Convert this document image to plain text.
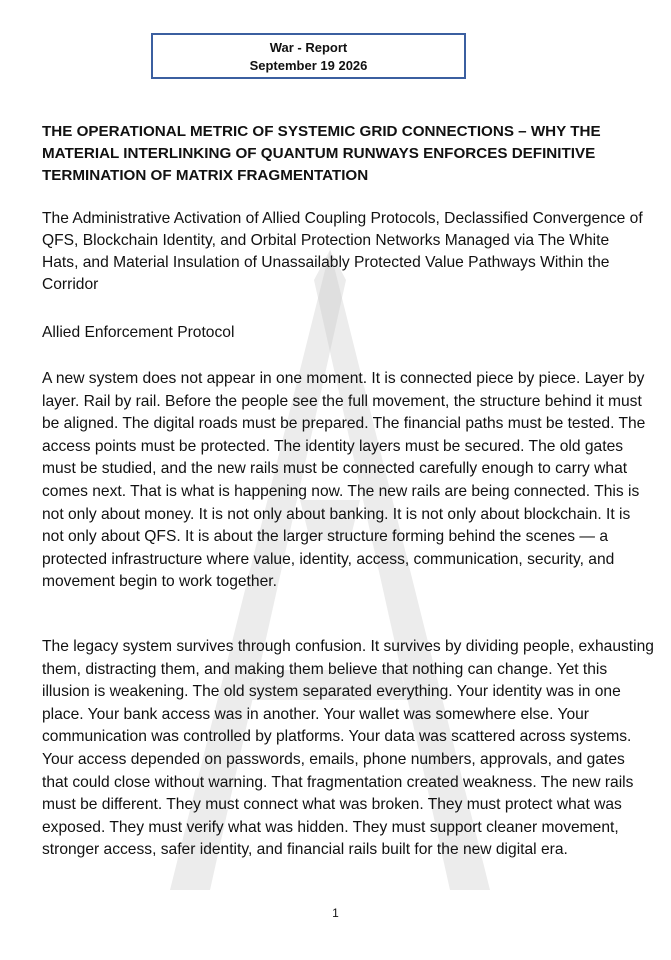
War - Report
September 19 2026

THE OPERATIONAL METRIC OF SYSTEMIC GRID CONNECTIONS – WHY THE MATERIAL INTERLINKING OF QUANTUM RUNWAYS ENFORCES DEFINITIVE TERMINATION OF MATRIX FRAGMENTATION

The Administrative Activation of Allied Coupling Protocols, Declassified Convergence of QFS, Blockchain Identity, and Orbital Protection Networks Managed via The White Hats, and Material Insulation of Unassailably Protected Value Pathways Within the Corridor

Allied Enforcement Protocol

A new system does not appear in one moment. It is connected piece by piece. Layer by layer. Rail by rail. Before the people see the full movement, the structure behind it must be aligned. The digital roads must be prepared. The financial paths must be tested. The access points must be protected. The identity layers must be secured. The old gates must be studied, and the new rails must be connected carefully enough to carry what comes next. That is what is happening now. The new rails are being connected. This is not only about money. It is not only about banking. It is not only about blockchain. It is not only about QFS. It is about the larger structure forming behind the scenes — a protected infrastructure where value, identity, access, communication, security, and movement begin to work together.

The legacy system survives through confusion. It survives by dividing people, exhausting them, distracting them, and making them believe that nothing can change. Yet this illusion is weakening. The old system separated everything. Your identity was in one place. Your bank access was in another. Your wallet was somewhere else. Your communication was controlled by platforms. Your data was scattered across systems. Your access depended on passwords, emails, phone numbers, approvals, and gates that could close without warning. That fragmentation created weakness. The new rails must be different. They must connect what was broken. They must protect what was exposed. They must verify what was hidden. They must support cleaner movement, stronger access, safer identity, and financial rails built for the new digital era.

1
